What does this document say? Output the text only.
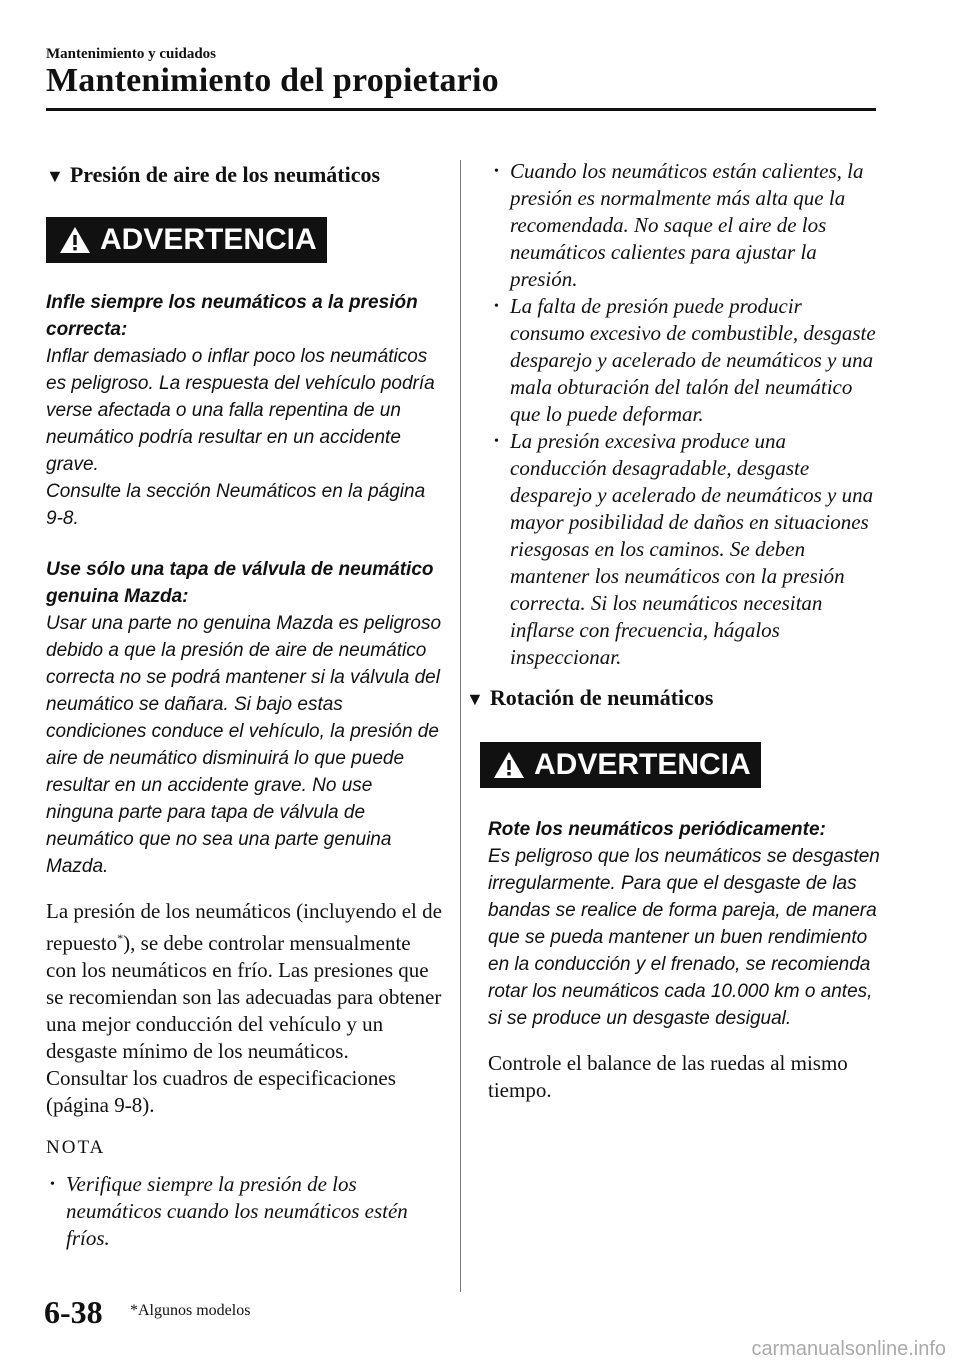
Mantenimiento y cuidados
Mantenimiento del propietario
▼ Presión de aire de los neumáticos
ADVERTENCIA

Infle siempre los neumáticos a la presión correcta:

Inflar demasiado o inflar poco los neumáticos es peligroso. La respuesta del vehículo podría verse afectada o una falla repentina de un neumático podría resultar en un accidente grave.

Consulte la sección Neumáticos en la página 9-8.

Use sólo una tapa de válvula de neumático genuina Mazda:

Usar una parte no genuina Mazda es peligroso debido a que la presión de aire de neumático correcta no se podrá mantener si la válvula del neumático se dañara. Si bajo estas condiciones conduce el vehículo, la presión de aire de neumático disminuirá lo que puede resultar en un accidente grave. No use ninguna parte para tapa de válvula de neumático que no sea una parte genuina Mazda.

La presión de los neumáticos (incluyendo el de repuesto*), se debe controlar mensualmente con los neumáticos en frío. Las presiones que se recomiendan son las adecuadas para obtener una mejor conducción del vehículo y un desgaste mínimo de los neumáticos.

Consultar los cuadros de especificaciones (página 9-8).

NOTA

• Verifique siempre la presión de los neumáticos cuando los neumáticos estén fríos.
• Cuando los neumáticos están calientes, la presión es normalmente más alta que la recomendada. No saque el aire de los neumáticos calientes para ajustar la presión.
• La falta de presión puede producir consumo excesivo de combustible, desgaste desparejo y acelerado de neumáticos y una mala obturación del talón del neumático que lo puede deformar.
• La presión excesiva produce una conducción desagradable, desgaste desparejo y acelerado de neumáticos y una mayor posibilidad de daños en situaciones riesgosas en los caminos. Se deben mantener los neumáticos con la presión correcta. Si los neumáticos necesitan inflarse con frecuencia, hágalos inspeccionar.
▼ Rotación de neumáticos
ADVERTENCIA

Rote los neumáticos periódicamente:

Es peligroso que los neumáticos se desgasten irregularmente. Para que el desgaste de las bandas se realice de forma pareja, de manera que se pueda mantener un buen rendimiento en la conducción y el frenado, se recomienda rotar los neumáticos cada 10.000 km o antes, si se produce un desgaste desigual.

Controle el balance de las ruedas al mismo tiempo.

6-38 *Algunos modelos
carmanualsonline.info
